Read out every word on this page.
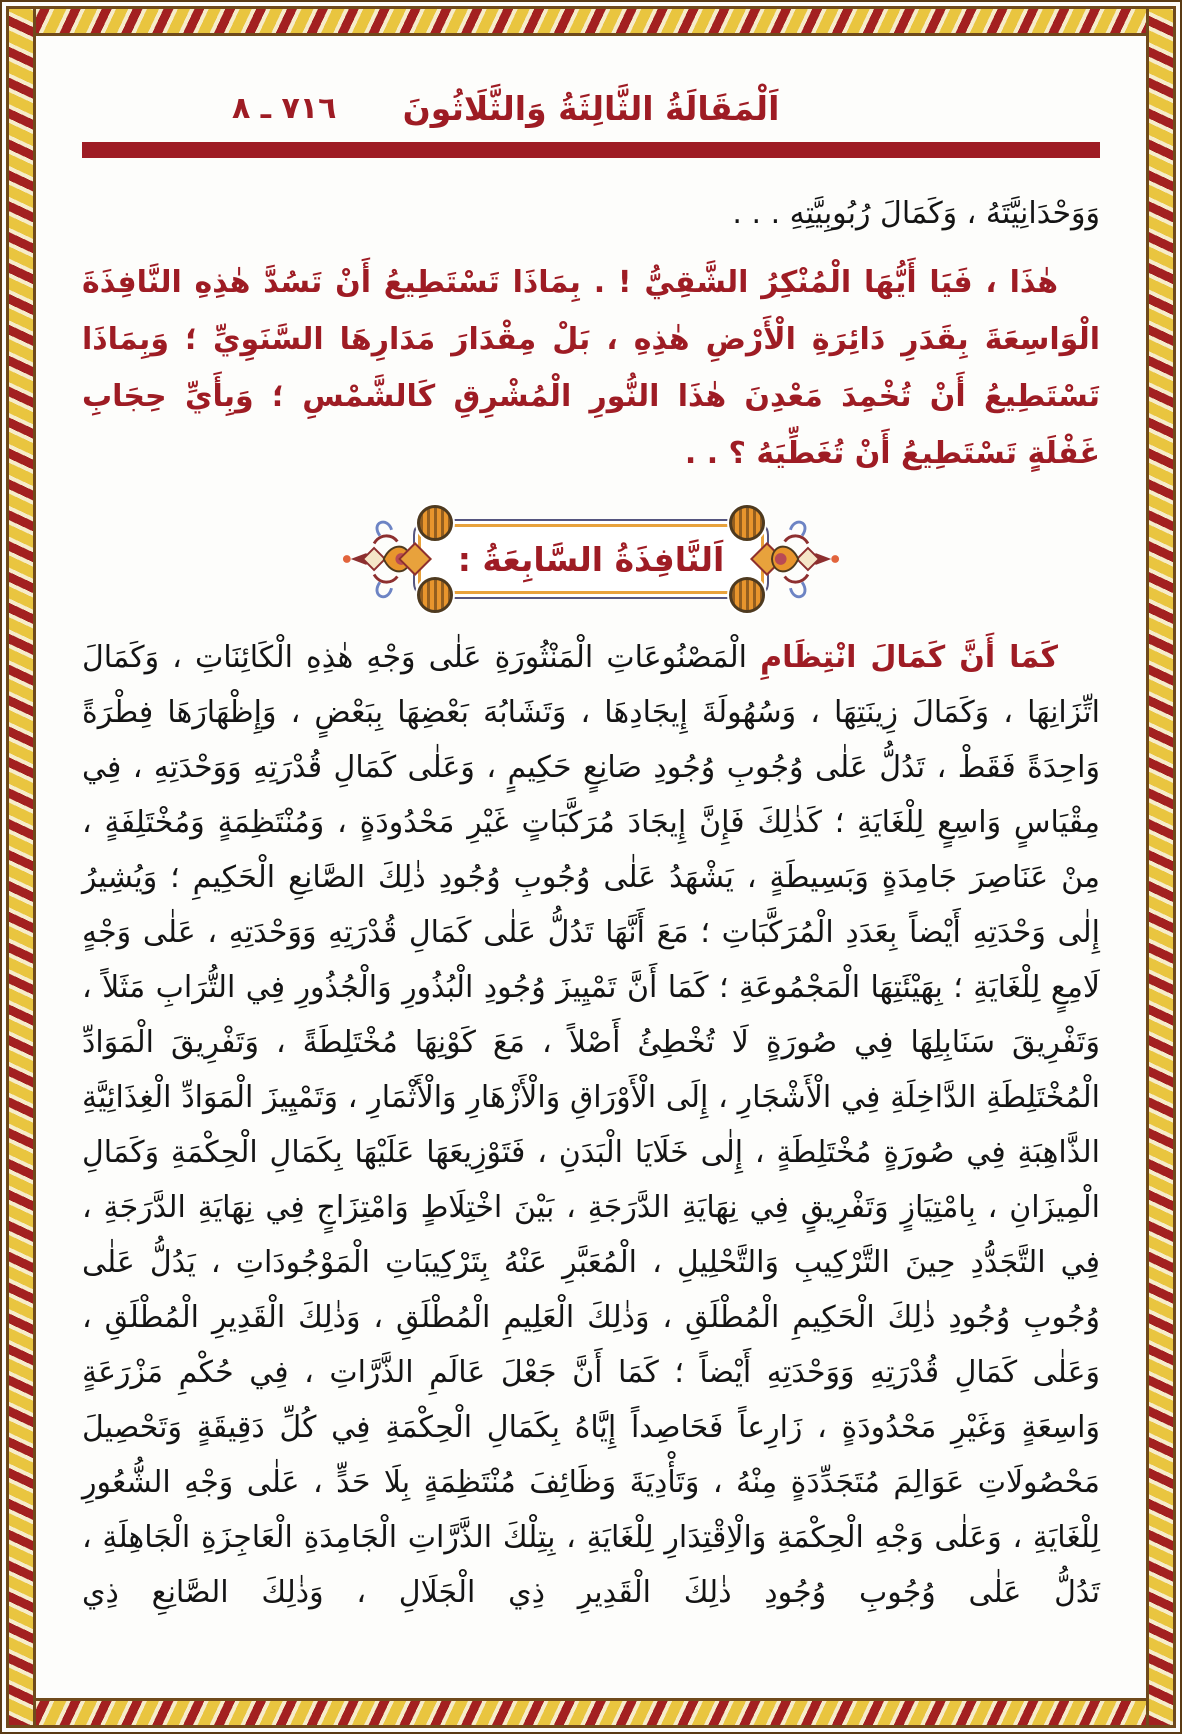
اَلْمَقَالَةُ الثَّالِثَةُ وَالثَّلَاثُونَ
٧١٦ ـ ٨
وَوَحْدَانِيَّتَهُ ، وَكَمَالَ رُبُوبِيَّتِهِ . . .
هٰذَا ، فَيَا أَيُّهَا الْمُنْكِرُ الشَّقِيُّ ! . بِمَاذَا تَسْتَطِيعُ أَنْ تَسُدَّ هٰذِهِ النَّافِذَةَ الْوَاسِعَةَ بِقَدَرِ دَائِرَةِ الْأَرْضِ هٰذِهِ ، بَلْ مِقْدَارَ مَدَارِهَا السَّنَوِيِّ ؛ وَبِمَاذَا تَسْتَطِيعُ أَنْ تُخْمِدَ مَعْدِنَ هٰذَا النُّورِ الْمُشْرِقِ كَالشَّمْسِ ؛ وَبِأَيِّ حِجَابِ غَفْلَةٍ تَسْتَطِيعُ أَنْ تُغَطِّيَهُ ؟ . .
اَلنَّافِذَةُ السَّابِعَةُ :

كَمَا أَنَّ كَمَالَ انْتِظَامِ الْمَصْنُوعَاتِ الْمَنْثُورَةِ عَلٰى وَجْهِ هٰذِهِ الْكَائِنَاتِ ، وَكَمَالَ اتِّزَانِهَا ، وَكَمَالَ زِينَتِهَا ، وَسُهُولَةَ إِيجَادِهَا ، وَتَشَابُهَ بَعْضِهَا بِبَعْضٍ ، وَإِظْهَارَهَا فِطْرَةً وَاحِدَةً فَقَطْ ، تَدُلُّ عَلٰى وُجُوبِ وُجُودِ صَانِعٍ حَكِيمٍ ، وَعَلٰى كَمَالِ قُدْرَتِهِ وَوَحْدَتِهِ ، فِي مِقْيَاسٍ وَاسِعٍ لِلْغَايَةِ ؛ كَذٰلِكَ فَإِنَّ إِيجَادَ مُرَكَّبَاتٍ غَيْرِ مَحْدُودَةٍ ، وَمُنْتَظِمَةٍ وَمُخْتَلِفَةٍ ، مِنْ عَنَاصِرَ جَامِدَةٍ وَبَسِيطَةٍ ، يَشْهَدُ عَلٰى وُجُوبِ وُجُودِ ذٰلِكَ الصَّانِعِ الْحَكِيمِ ؛ وَيُشِيرُ إِلٰى وَحْدَتِهِ أَيْضاً بِعَدَدِ الْمُرَكَّبَاتِ ؛ مَعَ أَنَّهَا تَدُلُّ عَلٰى كَمَالِ قُدْرَتِهِ وَوَحْدَتِهِ ، عَلٰى وَجْهٍ لَامِعٍ لِلْغَايَةِ ؛ بِهَيْئَتِهَا الْمَجْمُوعَةِ ؛ كَمَا أَنَّ تَمْيِيزَ وُجُودِ الْبُذُورِ وَالْجُذُورِ فِي التُّرَابِ مَثَلاً ، وَتَفْرِيقَ سَنَابِلِهَا فِي صُورَةٍ لَا تُخْطِئُ أَصْلاً ، مَعَ كَوْنِهَا مُخْتَلِطَةً ، وَتَفْرِيقَ الْمَوَادِّ الْمُخْتَلِطَةِ الدَّاخِلَةِ فِي الْأَشْجَارِ ، إِلَى الْأَوْرَاقِ وَالْأَزْهَارِ وَالْأَثْمَارِ ، وَتَمْيِيزَ الْمَوَادِّ الْغِذَائِيَّةِ الذَّاهِبَةِ فِي صُورَةٍ مُخْتَلِطَةٍ ، إِلٰى خَلَايَا الْبَدَنِ ، فَتَوْزِيعَهَا عَلَيْهَا بِكَمَالِ الْحِكْمَةِ وَكَمَالِ الْمِيزَانِ ، بِامْتِيَازٍ وَتَفْرِيقٍ فِي نِهَايَةِ الدَّرَجَةِ ، بَيْنَ اخْتِلَاطٍ وَامْتِزَاجٍ فِي نِهَايَةِ الدَّرَجَةِ ، فِي التَّجَدُّدِ حِينَ التَّرْكِيبِ وَالتَّحْلِيلِ ، الْمُعَبَّرِ عَنْهُ بِتَرْكِيبَاتِ الْمَوْجُودَاتِ ، يَدُلُّ عَلٰى وُجُوبِ وُجُودِ ذٰلِكَ الْحَكِيمِ الْمُطْلَقِ ، وَذٰلِكَ الْعَلِيمِ الْمُطْلَقِ ، وَذٰلِكَ الْقَدِيرِ الْمُطْلَقِ ، وَعَلٰى كَمَالِ قُدْرَتِهِ وَوَحْدَتِهِ أَيْضاً ؛ كَمَا أَنَّ جَعْلَ عَالَمِ الذَّرَّاتِ ، فِي حُكْمِ مَزْرَعَةٍ وَاسِعَةٍ وَغَيْرِ مَحْدُودَةٍ ، زَارِعاً فَحَاصِداً إِيَّاهُ بِكَمَالِ الْحِكْمَةِ فِي كُلِّ دَقِيقَةٍ وَتَحْصِيلَ مَحْصُولَاتِ عَوَالِمَ مُتَجَدِّدَةٍ مِنْهُ ، وَتَأْدِيَةَ وَظَائِفَ مُنْتَظِمَةٍ بِلَا حَدٍّ ، عَلٰى وَجْهِ الشُّعُورِ لِلْغَايَةِ ، وَعَلٰى وَجْهِ الْحِكْمَةِ وَالْاِقْتِدَارِ لِلْغَايَةِ ، بِتِلْكَ الذَّرَّاتِ الْجَامِدَةِ الْعَاجِزَةِ الْجَاهِلَةِ ، تَدُلُّ عَلٰى وُجُوبِ وُجُودِ ذٰلِكَ الْقَدِيرِ ذِي الْجَلَالِ ، وَذٰلِكَ الصَّانِعِ ذِي
